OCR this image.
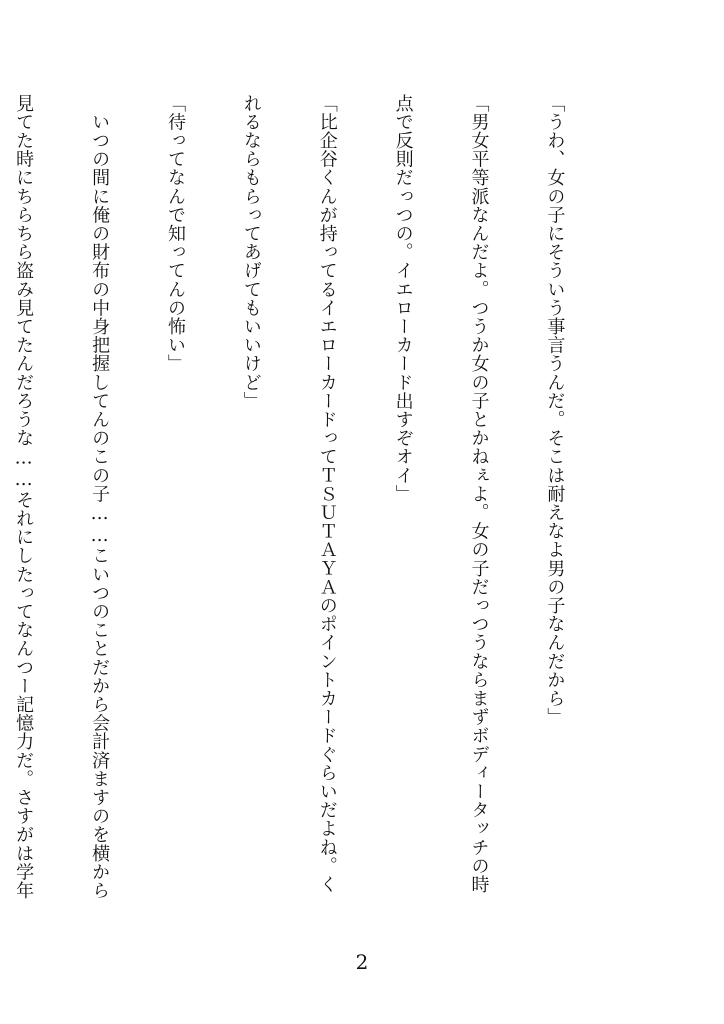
「うわ、女の子にそういう事言うんだ。そこは耐えなよ男の子なんだから」

「男女平等派なんだよ。つうか女の子とかねぇよ。女の子だっつうならまずボディータッチの時

点で反則だっつの。イエローカード出すぞオイ」

「比企谷くんが持ってるイエローカードってＴＳＵＴＡＹＡのポイントカードぐらいだよね。く

れるならもらってあげてもいいけど」

「待ってなんで知ってんの怖い」

　いつの間に俺の財布の中身把握してんのこの子……こいつのことだから会計済ますのを横から

見てた時にちらちら盗み見てたんだろうな……それにしたってなんつー記憶力だ。さすがは学年

2
